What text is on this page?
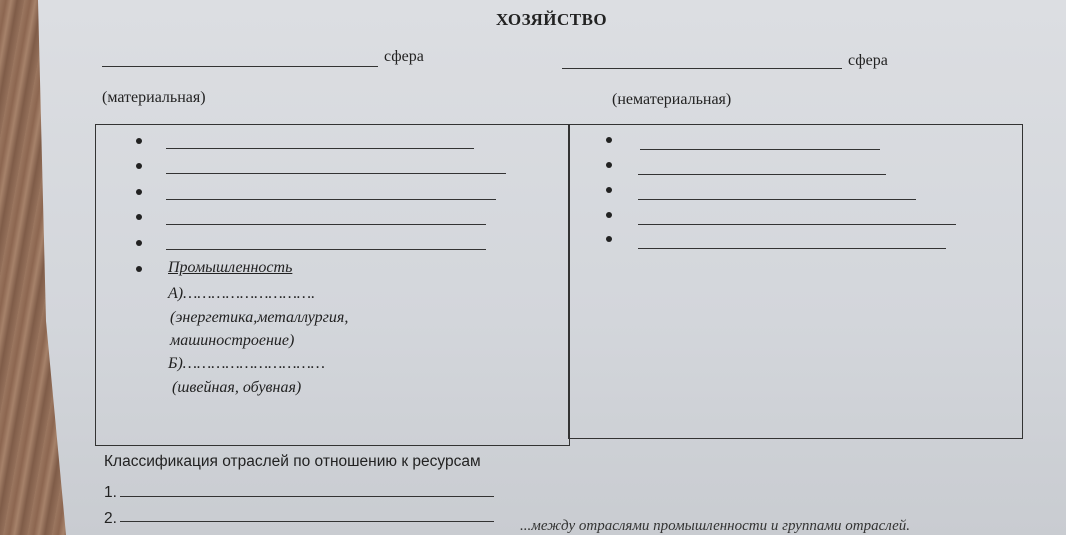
ХОЗЯЙСТВО
сфера	сфера
(материальная)	(нематериальная)
Промышленность
А)……………………….
(энергетика,металлургия,
машиностроение)
Б)…………………………
(швейная, обувная)
Классификация отраслей по отношению к ресурсам
1.
2.	...между отраслями промышленности и группами отраслей.
